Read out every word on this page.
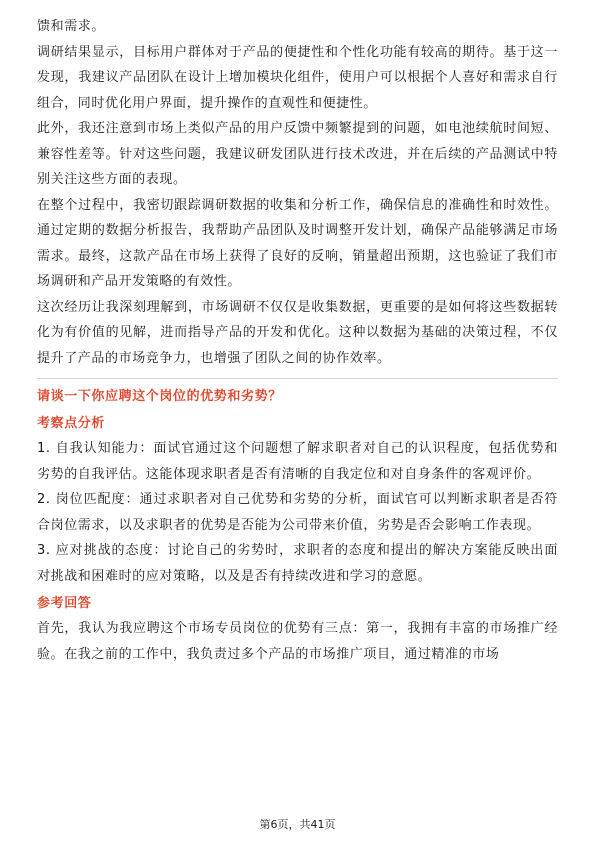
馈和需求。

调研结果显示，目标用户群体对于产品的便捷性和个性化功能有较高的期待。基于这一发现，我建议产品团队在设计上增加模块化组件，使用户可以根据个人喜好和需求自行组合，同时优化用户界面，提升操作的直观性和便捷性。

此外，我还注意到市场上类似产品的用户反馈中频繁提到的问题，如电池续航时间短、兼容性差等。针对这些问题，我建议研发团队进行技术改进，并在后续的产品测试中特别关注这些方面的表现。

在整个过程中，我密切跟踪调研数据的收集和分析工作，确保信息的准确性和时效性。通过定期的数据分析报告，我帮助产品团队及时调整开发计划，确保产品能够满足市场需求。最终，这款产品在市场上获得了良好的反响，销量超出预期，这也验证了我们市场调研和产品开发策略的有效性。

这次经历让我深刻理解到，市场调研不仅仅是收集数据，更重要的是如何将这些数据转化为有价值的见解，进而指导产品的开发和优化。这种以数据为基础的决策过程，不仅提升了产品的市场竞争力，也增强了团队之间的协作效率。

请谈一下你应聘这个岗位的优势和劣势？

考察点分析

1. 自我认知能力：面试官通过这个问题想了解求职者对自己的认识程度，包括优势和劣势的自我评估。这能体现求职者是否有清晰的自我定位和对自身条件的客观评价。

2. 岗位匹配度：通过求职者对自己优势和劣势的分析，面试官可以判断求职者是否符合岗位需求，以及求职者的优势是否能为公司带来价值，劣势是否会影响工作表现。

3. 应对挑战的态度：讨论自己的劣势时，求职者的态度和提出的解决方案能反映出面对挑战和困难时的应对策略，以及是否有持续改进和学习的意愿。

参考回答

首先，我认为我应聘这个市场专员岗位的优势有三点：第一，我拥有丰富的市场推广经验。在我之前的工作中，我负责过多个产品的市场推广项目，通过精准的市场

第6页，共41页
